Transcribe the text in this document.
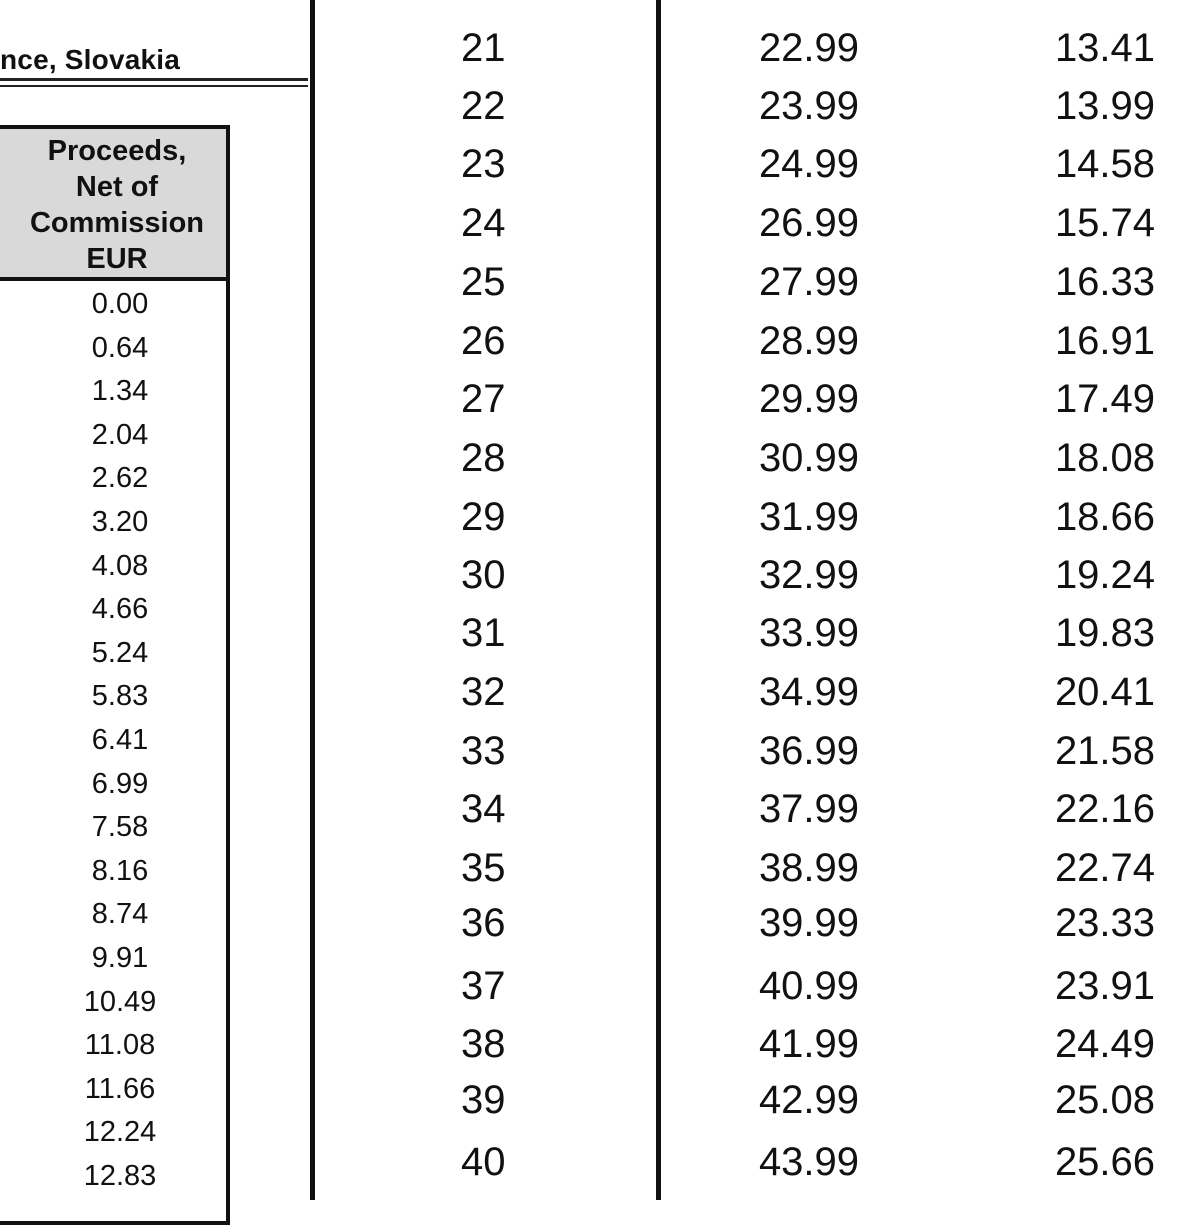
nce, Slovakia
Proceeds,
Net of
Commission
EUR
0.00
0.64
1.34
2.04
2.62
3.20
4.08
4.66
5.24
5.83
6.41
6.99
7.58
8.16
8.74
9.91
10.49
11.08
11.66
12.24
12.83
21	22.99	13.41
22	23.99	13.99
23	24.99	14.58
24	26.99	15.74
25	27.99	16.33
26	28.99	16.91
27	29.99	17.49
28	30.99	18.08
29	31.99	18.66
30	32.99	19.24
31	33.99	19.83
32	34.99	20.41
33	36.99	21.58
34	37.99	22.16
35	38.99	22.74
36	39.99	23.33
37	40.99	23.91
38	41.99	24.49
39	42.99	25.08
40	43.99	25.66
